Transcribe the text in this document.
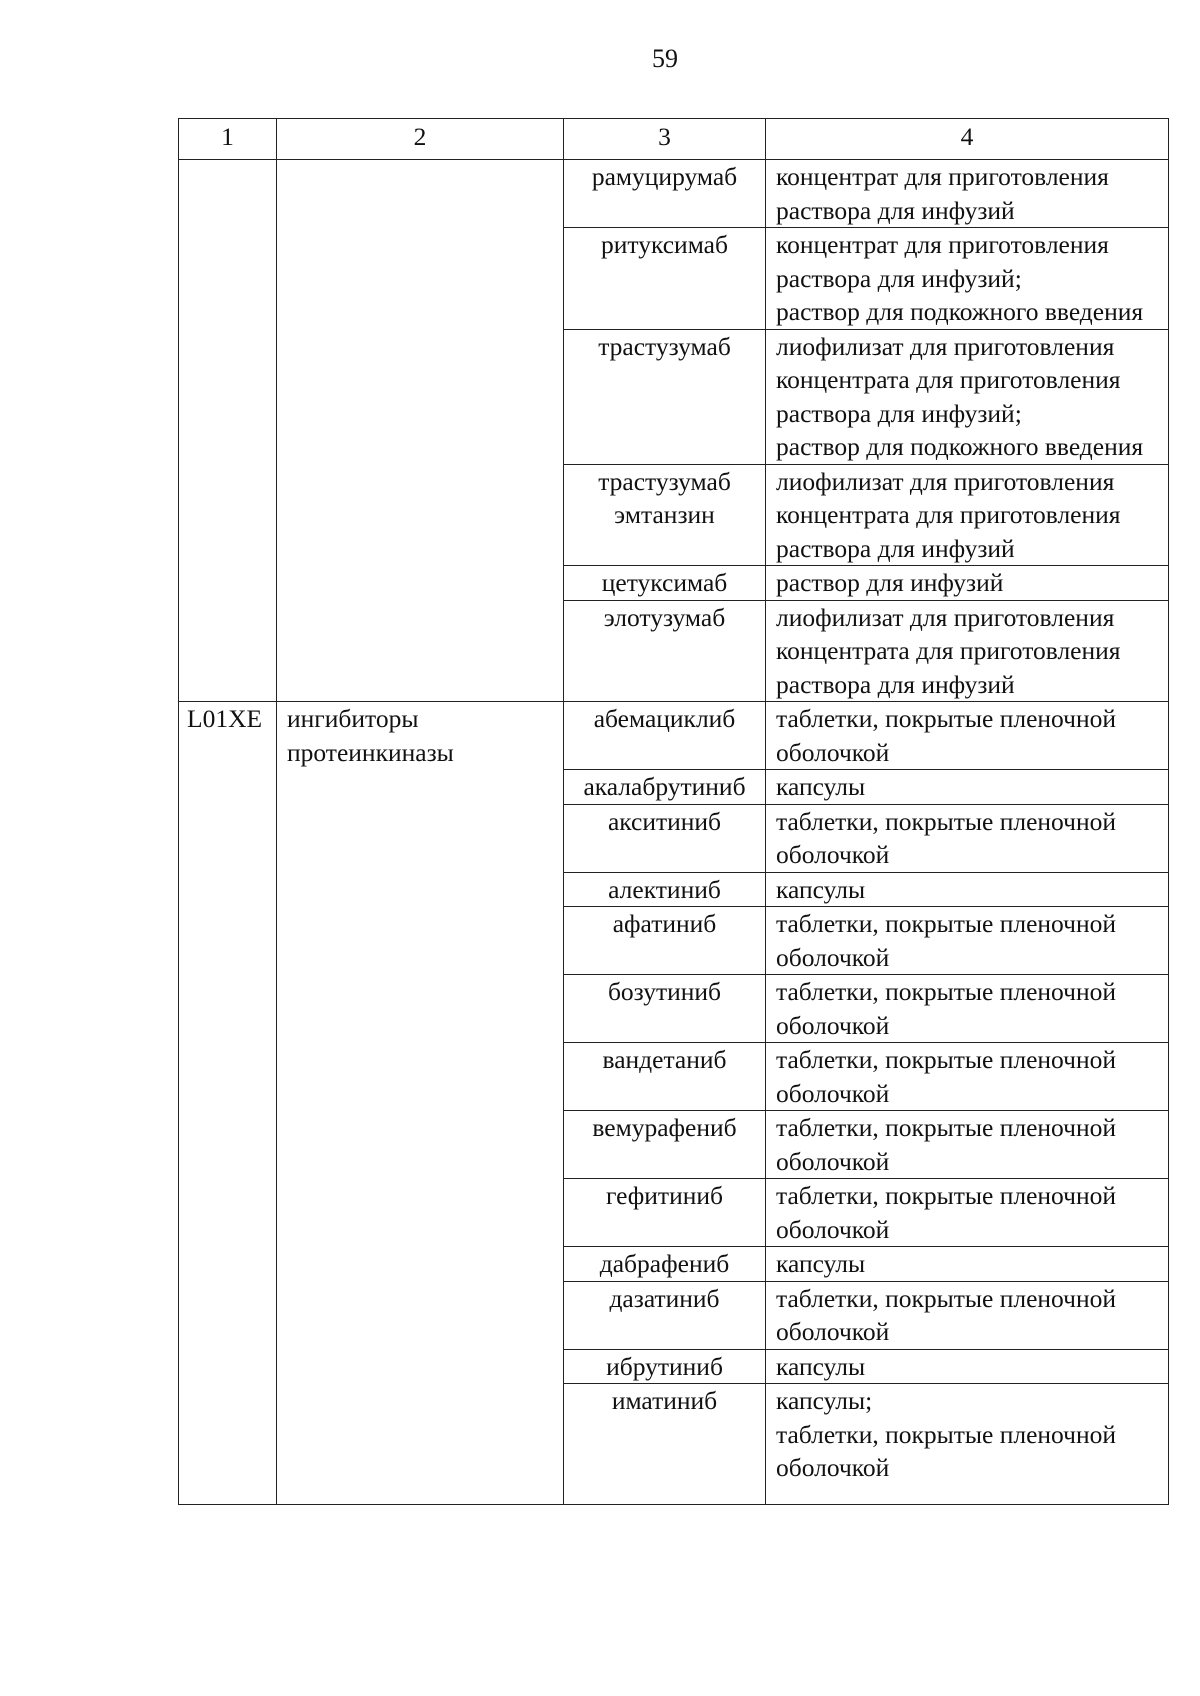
59
1	2	3	4
		рамуцирумаб	концентрат для приготовления раствора для инфузий
		ритуксимаб	концентрат для приготовления раствора для инфузий;
раствор для подкожного введения
		трастузумаб	лиофилизат для приготовления концентрата для приготовления раствора для инфузий;
раствор для подкожного введения
		трастузумаб эмтанзин	лиофилизат для приготовления концентрата для приготовления раствора для инфузий
		цетуксимаб	раствор для инфузий
		элотузумаб	лиофилизат для приготовления концентрата для приготовления раствора для инфузий
L01XE	ингибиторы протеинкиназы	абемациклиб	таблетки, покрытые пленочной оболочкой
		акалабрутиниб	капсулы
		акситиниб	таблетки, покрытые пленочной оболочкой
		алектиниб	капсулы
		афатиниб	таблетки, покрытые пленочной оболочкой
		бозутиниб	таблетки, покрытые пленочной оболочкой
		вандетаниб	таблетки, покрытые пленочной оболочкой
		вемурафениб	таблетки, покрытые пленочной оболочкой
		гефитиниб	таблетки, покрытые пленочной оболочкой
		дабрафениб	капсулы
		дазатиниб	таблетки, покрытые пленочной оболочкой
		ибрутиниб	капсулы
		иматиниб	капсулы;
таблетки, покрытые пленочной оболочкой
